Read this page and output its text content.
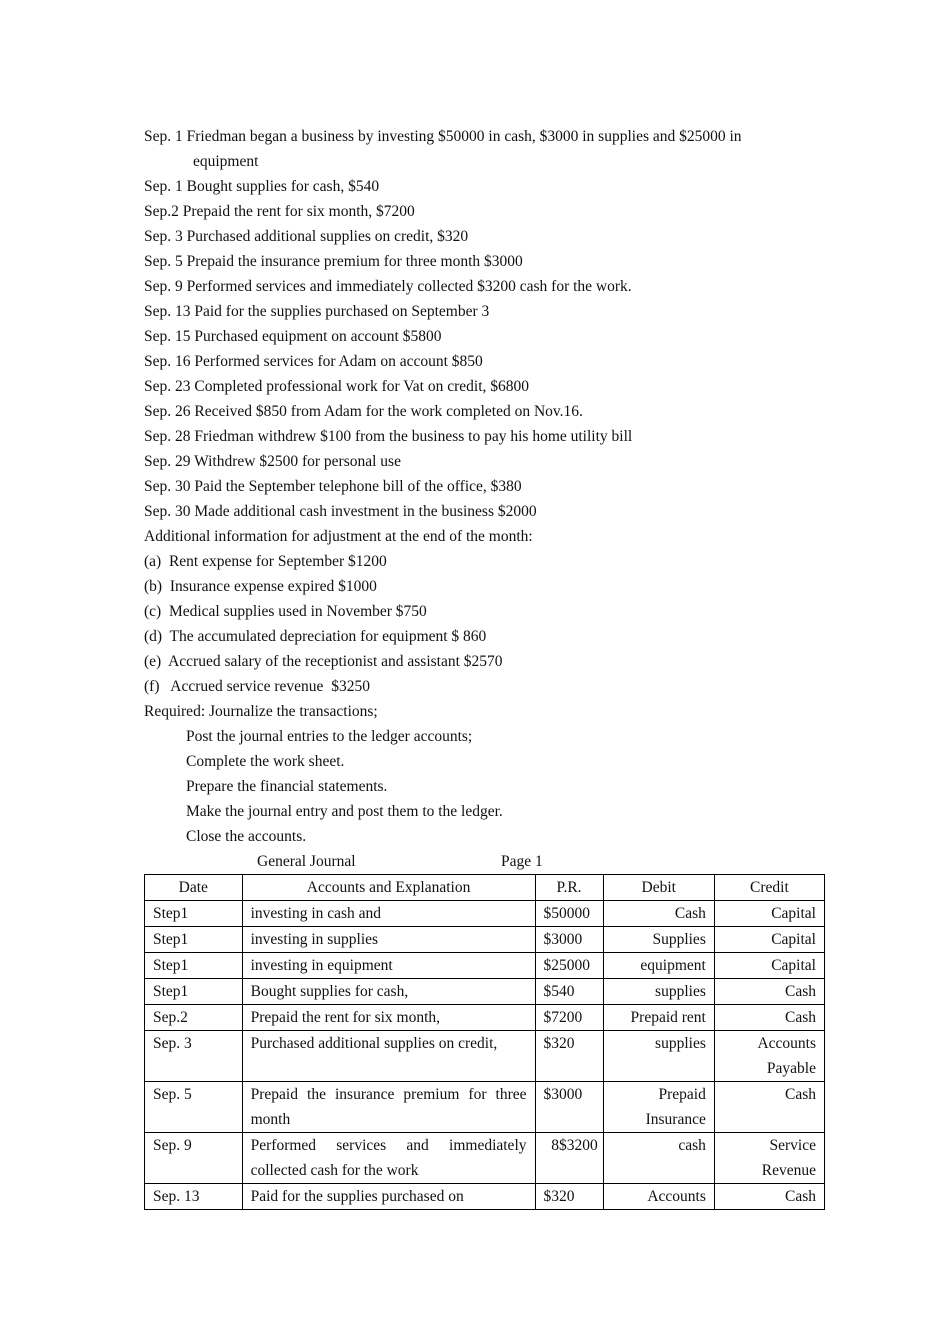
Sep. 1 Friedman began a business by investing $50000 in cash, $3000 in supplies and $25000 in
equipment
Sep. 1 Bought supplies for cash, $540
Sep.2 Prepaid the rent for six month, $7200
Sep. 3 Purchased additional supplies on credit, $320
Sep. 5 Prepaid the insurance premium for three month $3000
Sep. 9 Performed services and immediately collected $3200 cash for the work.
Sep. 13 Paid for the supplies purchased on September 3
Sep. 15 Purchased equipment on account $5800
Sep. 16 Performed services for Adam on account $850
Sep. 23 Completed professional work for Vat on credit, $6800
Sep. 26 Received $850 from Adam for the work completed on Nov.16.
Sep. 28 Friedman withdrew $100 from the business to pay his home utility bill
Sep. 29 Withdrew $2500 for personal use
Sep. 30 Paid the September telephone bill of the office, $380
Sep. 30 Made additional cash investment in the business $2000
Additional information for adjustment at the end of the month:
(a)  Rent expense for September $1200
(b)  Insurance expense expired $1000
(c)  Medical supplies used in November $750
(d)  The accumulated depreciation for equipment $ 860
(e)  Accrued salary of the receptionist and assistant $2570
(f)   Accrued service revenue  $3250
Required: Journalize the transactions;
Post the journal entries to the ledger accounts;
Complete the work sheet.
Prepare the financial statements.
Make the journal entry and post them to the ledger.
Close the accounts.
General Journal	Page 1
Date	Accounts and Explanation	P.R.	Debit	Credit
Step1	investing in cash and	$50000	Cash	Capital
Step1	investing in supplies	$3000	Supplies	Capital
Step1	investing in equipment	$25000	equipment	Capital
Step1	Bought supplies for cash,	$540	supplies	Cash
Sep.2	Prepaid the rent for six month,	$7200	Prepaid rent	Cash
Sep. 3	Purchased additional supplies on credit,	$320	supplies	Accounts Payable
Sep. 5	Prepaid the insurance premium for three month	$3000	Prepaid Insurance	Cash
Sep. 9	Performed services and immediately collected cash for the work	8$3200	cash	Service Revenue
Sep. 13	Paid for the supplies purchased on	$320	Accounts	Cash
